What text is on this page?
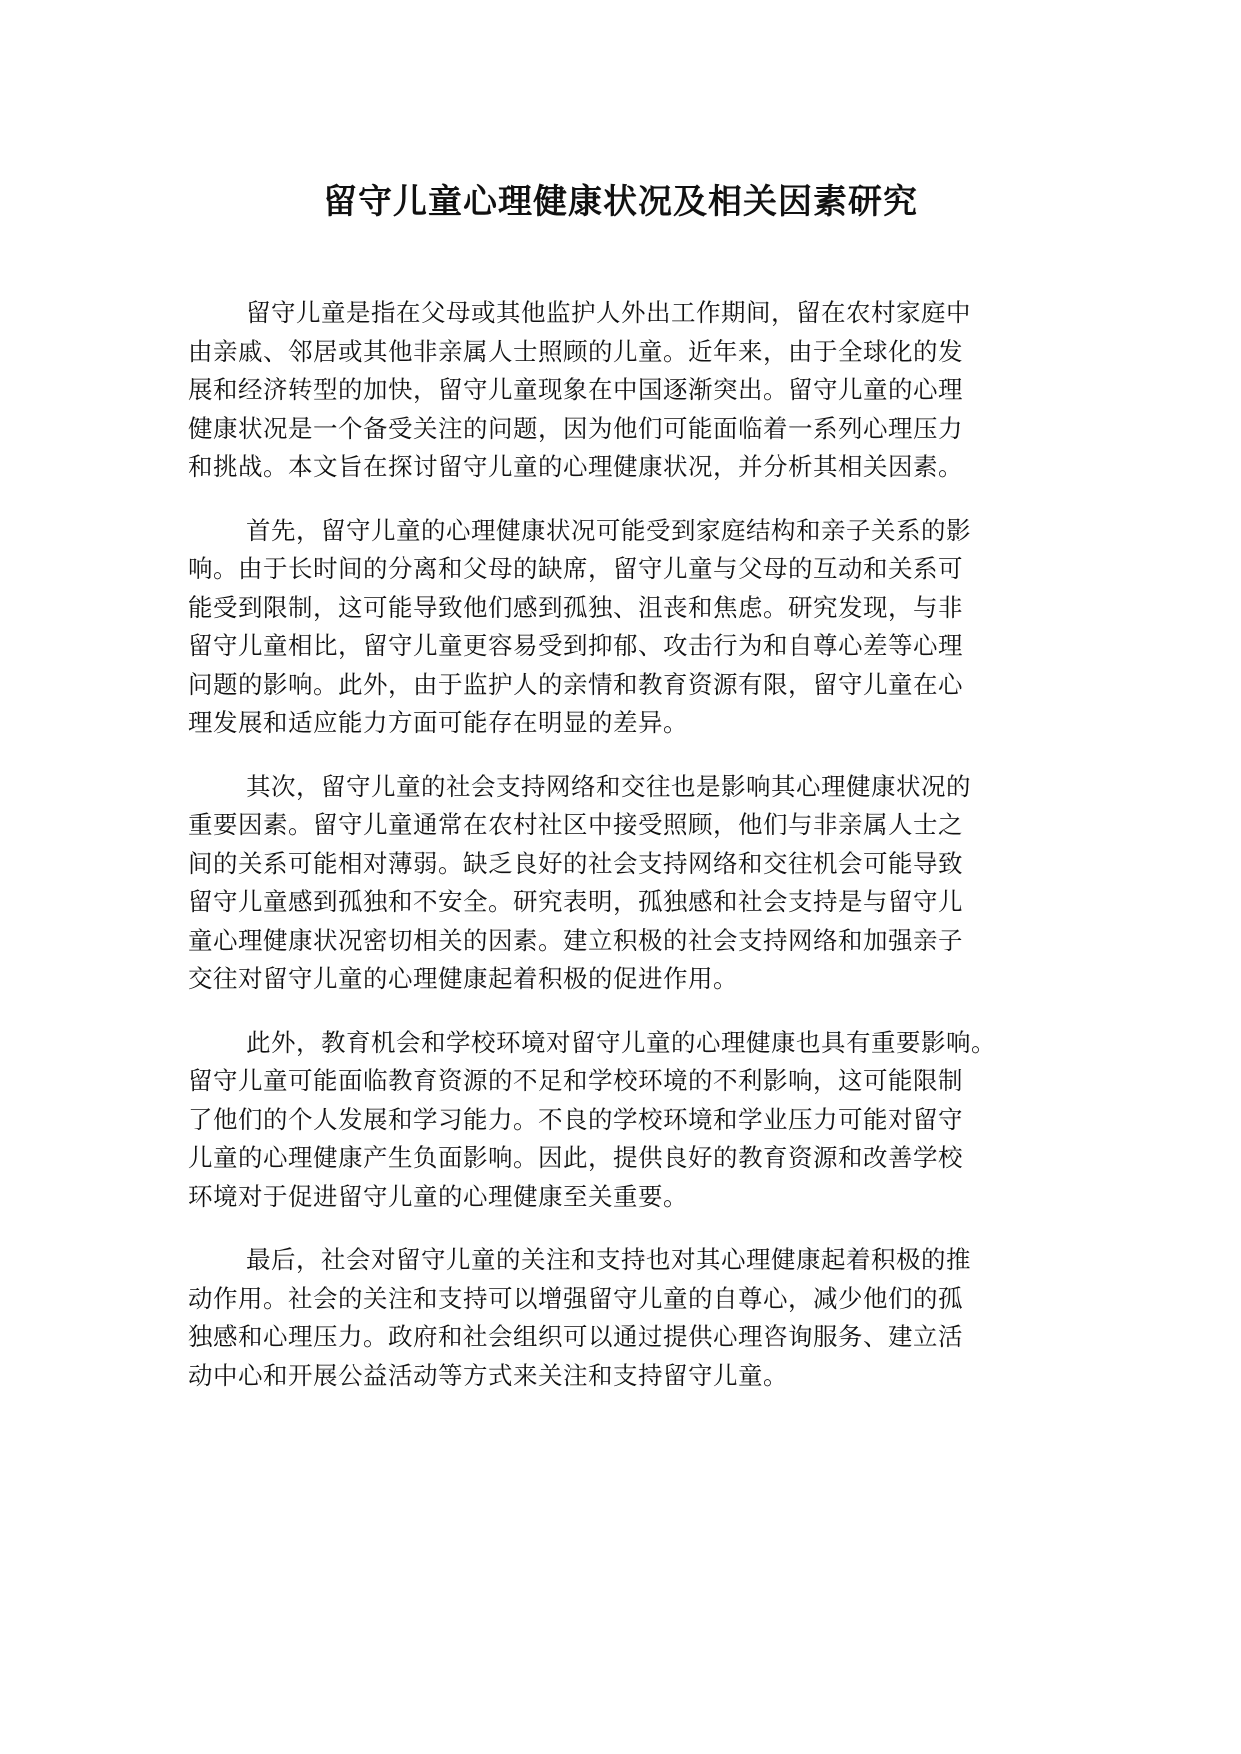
留守儿童心理健康状况及相关因素研究

留守儿童是指在父母或其他监护人外出工作期间，留在农村家庭中
由亲戚、邻居或其他非亲属人士照顾的儿童。近年来，由于全球化的发
展和经济转型的加快，留守儿童现象在中国逐渐突出。留守儿童的心理
健康状况是一个备受关注的问题，因为他们可能面临着一系列心理压力
和挑战。本文旨在探讨留守儿童的心理健康状况，并分析其相关因素。

首先，留守儿童的心理健康状况可能受到家庭结构和亲子关系的影
响。由于长时间的分离和父母的缺席，留守儿童与父母的互动和关系可
能受到限制，这可能导致他们感到孤独、沮丧和焦虑。研究发现，与非
留守儿童相比，留守儿童更容易受到抑郁、攻击行为和自尊心差等心理
问题的影响。此外，由于监护人的亲情和教育资源有限，留守儿童在心
理发展和适应能力方面可能存在明显的差异。

其次，留守儿童的社会支持网络和交往也是影响其心理健康状况的
重要因素。留守儿童通常在农村社区中接受照顾，他们与非亲属人士之
间的关系可能相对薄弱。缺乏良好的社会支持网络和交往机会可能导致
留守儿童感到孤独和不安全。研究表明，孤独感和社会支持是与留守儿
童心理健康状况密切相关的因素。建立积极的社会支持网络和加强亲子
交往对留守儿童的心理健康起着积极的促进作用。

此外，教育机会和学校环境对留守儿童的心理健康也具有重要影响。
留守儿童可能面临教育资源的不足和学校环境的不利影响，这可能限制
了他们的个人发展和学习能力。不良的学校环境和学业压力可能对留守
儿童的心理健康产生负面影响。因此，提供良好的教育资源和改善学校
环境对于促进留守儿童的心理健康至关重要。

最后，社会对留守儿童的关注和支持也对其心理健康起着积极的推
动作用。社会的关注和支持可以增强留守儿童的自尊心，减少他们的孤
独感和心理压力。政府和社会组织可以通过提供心理咨询服务、建立活
动中心和开展公益活动等方式来关注和支持留守儿童。
